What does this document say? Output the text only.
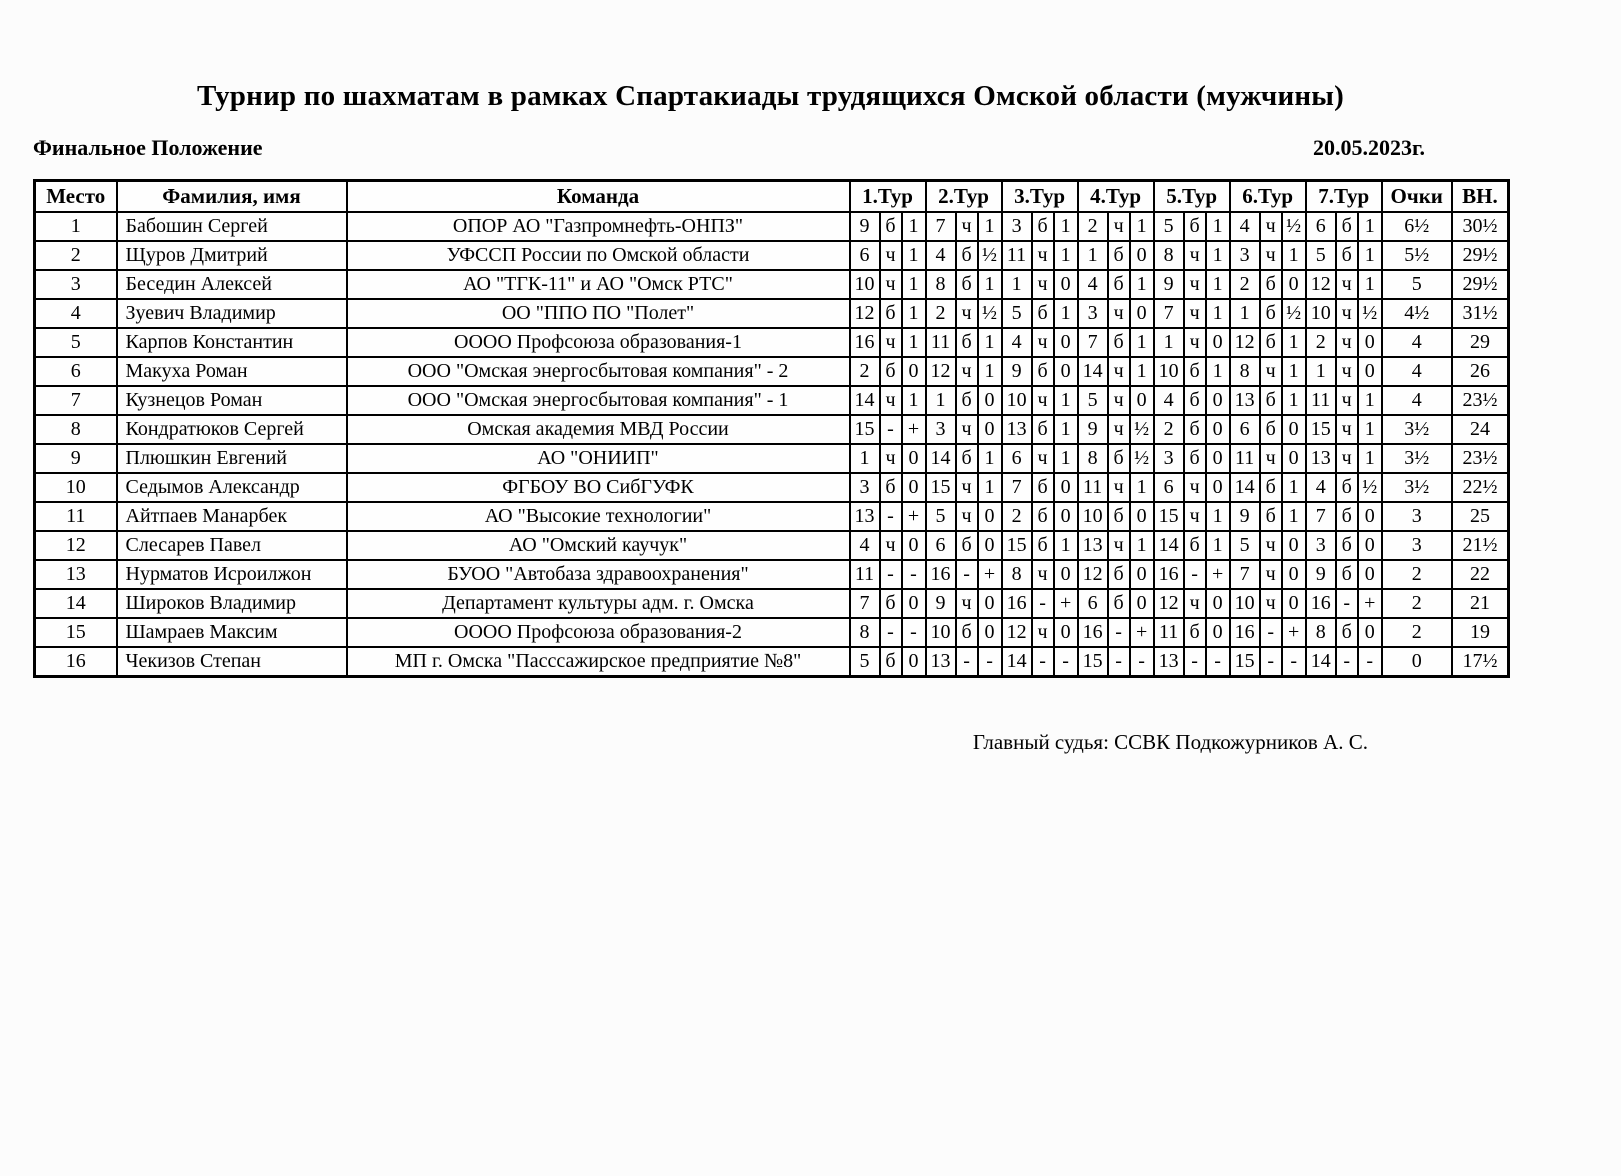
Турнир по шахматам в рамках Спартакиады трудящихся Омской области (мужчины)
Финальное Положение	20.05.2023г.
Место	Фамилия, имя	Команда	1.Тур			2.Тур			3.Тур			4.Тур			5.Тур			6.Тур			7.Тур			Очки	ВН.
1	Бабошин Сергей	ОПОР АО "Газпромнефть-ОНПЗ"	9	б	1	7	ч	1	3	б	1	2	ч	1	5	б	1	4	ч	½	6	б	1	6½	30½
2	Щуров Дмитрий	УФССП России по Омской области	6	ч	1	4	б	½	11	ч	1	1	б	0	8	ч	1	3	ч	1	5	б	1	5½	29½
3	Беседин Алексей	АО "ТГК-11" и АО "Омск РТС"	10	ч	1	8	б	1	1	ч	0	4	б	1	9	ч	1	2	б	0	12	ч	1	5	29½
4	Зуевич Владимир	ОО "ППО ПО "Полет"	12	б	1	2	ч	½	5	б	1	3	ч	0	7	ч	1	1	б	½	10	ч	½	4½	31½
5	Карпов Константин	ОООО Профсоюза образования-1	16	ч	1	11	б	1	4	ч	0	7	б	1	1	ч	0	12	б	1	2	ч	0	4	29
6	Макуха Роман	ООО "Омская энергосбытовая компания" - 2	2	б	0	12	ч	1	9	б	0	14	ч	1	10	б	1	8	ч	1	1	ч	0	4	26
7	Кузнецов Роман	ООО "Омская энергосбытовая компания" - 1	14	ч	1	1	б	0	10	ч	1	5	ч	0	4	б	0	13	б	1	11	ч	1	4	23½
8	Кондратюков Сергей	Омская академия МВД России	15	-	+	3	ч	0	13	б	1	9	ч	½	2	б	0	6	б	0	15	ч	1	3½	24
9	Плюшкин Евгений	АО "ОНИИП"	1	ч	0	14	б	1	6	ч	1	8	б	½	3	б	0	11	ч	0	13	ч	1	3½	23½
10	Седымов Александр	ФГБОУ ВО СибГУФК	3	б	0	15	ч	1	7	б	0	11	ч	1	6	ч	0	14	б	1	4	б	½	3½	22½
11	Айтпаев Манарбек	АО "Высокие технологии"	13	-	+	5	ч	0	2	б	0	10	б	0	15	ч	1	9	б	1	7	б	0	3	25
12	Слесарев Павел	АО "Омский каучук"	4	ч	0	6	б	0	15	б	1	13	ч	1	14	б	1	5	ч	0	3	б	0	3	21½
13	Нурматов Исроилжон	БУОО "Автобаза здравоохранения"	11	-	-	16	-	+	8	ч	0	12	б	0	16	-	+	7	ч	0	9	б	0	2	22
14	Широков Владимир	Департамент культуры адм. г. Омска	7	б	0	9	ч	0	16	-	+	6	б	0	12	ч	0	10	ч	0	16	-	+	2	21
15	Шамраев Максим	ОООО Профсоюза образования-2	8	-	-	10	б	0	12	ч	0	16	-	+	11	б	0	16	-	+	8	б	0	2	19
16	Чекизов Степан	МП г. Омска "Пасссажирское предприятие №8"	5	б	0	13	-	-	14	-	-	15	-	-	13	-	-	15	-	-	14	-	-	0	17½
Главный судья: ССВК Подкожурников А. С.
